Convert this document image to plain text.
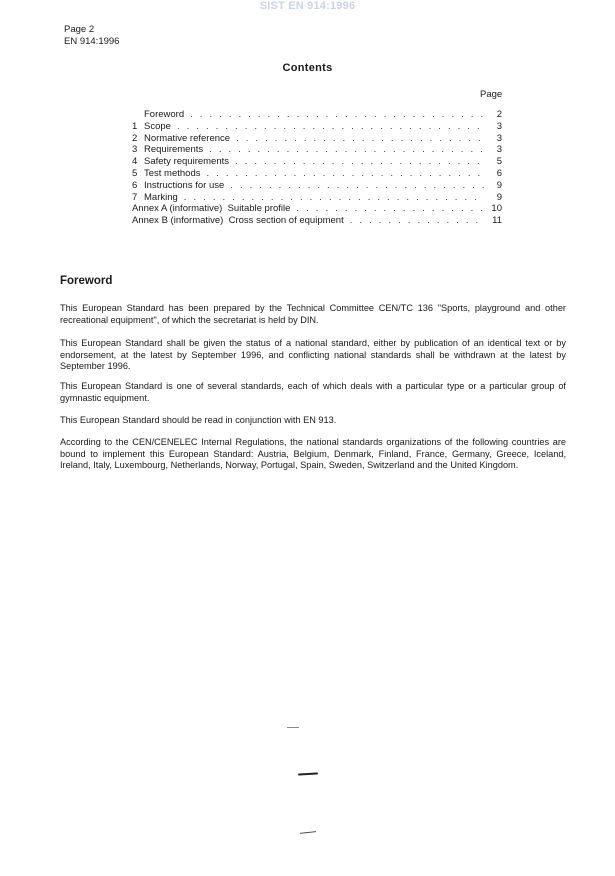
SIST EN 914:1996
Page 2
EN 914:1996
Contents
Page
Foreword . . .	2
1 Scope . . .	3
2 Normative reference . . .	3
3 Requirements . . .	3
4 Safety requirements . . .	5
5 Test methods . . .	6
6 Instructions for use . . .	9
7 Marking . . .	9
Annex A (informative)  Suitable profile . . .	10
Annex B (informative)  Cross section of equipment . . .	11
Foreword

This European Standard has been prepared by the Technical Committee CEN/TC 136 "Sports, playground and other recreational equipment", of which the secretariat is held by DIN.

This European Standard shall be given the status of a national standard, either by publication of an identical text or by endorsement, at the latest by September 1996, and conflicting national standards shall be withdrawn at the latest by September 1996.

This European Standard is one of several standards, each of which deals with a particular type or a particular group of gymnastic equipment.

This European Standard should be read in conjunction with EN 913.

According to the CEN/CENELEC Internal Regulations, the national standards organizations of the following countries are bound to implement this European Standard: Austria, Belgium, Denmark, Finland, France, Germany, Greece, Iceland, Ireland, Italy, Luxembourg, Netherlands, Norway, Portugal, Spain, Sweden, Switzerland and the United Kingdom.
